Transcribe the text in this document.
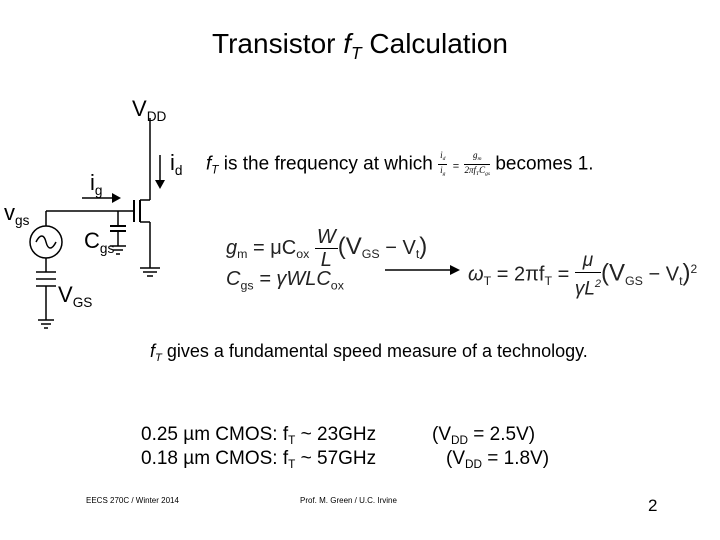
Transistor $f_T$ Calculation
$V_{DD}$
$i_d$
$i_g$
$v_{gs}$
$C_{gs}$
$V_{GS}$
$f_T$ is the frequency at which $\frac{i_d}{i_g} = \frac{g_m}{2\pi f_TC_{gs}}$ becomes 1.
$g_m = \mu C_{ox} \frac{W}{L} (V_{GS} - V_t)$
$C_{gs} = \gamma WLC_{ox}$	$\omega_T = 2\pi f_T = \frac{\mu}{\gamma L^2} (V_{GS} - V_t)^2$
$f_T$ gives a fundamental speed measure of a technology.
0.25 µm CMOS: $f_T$ ~ 23GHz	$(V_{DD} = 2.5V)$
0.18 µm CMOS: $f_T$ ~ 57GHz	$(V_{DD} = 1.8V)$
EECS 270C / Winter 2014	Prof. M. Green / U.C. Irvine	2
